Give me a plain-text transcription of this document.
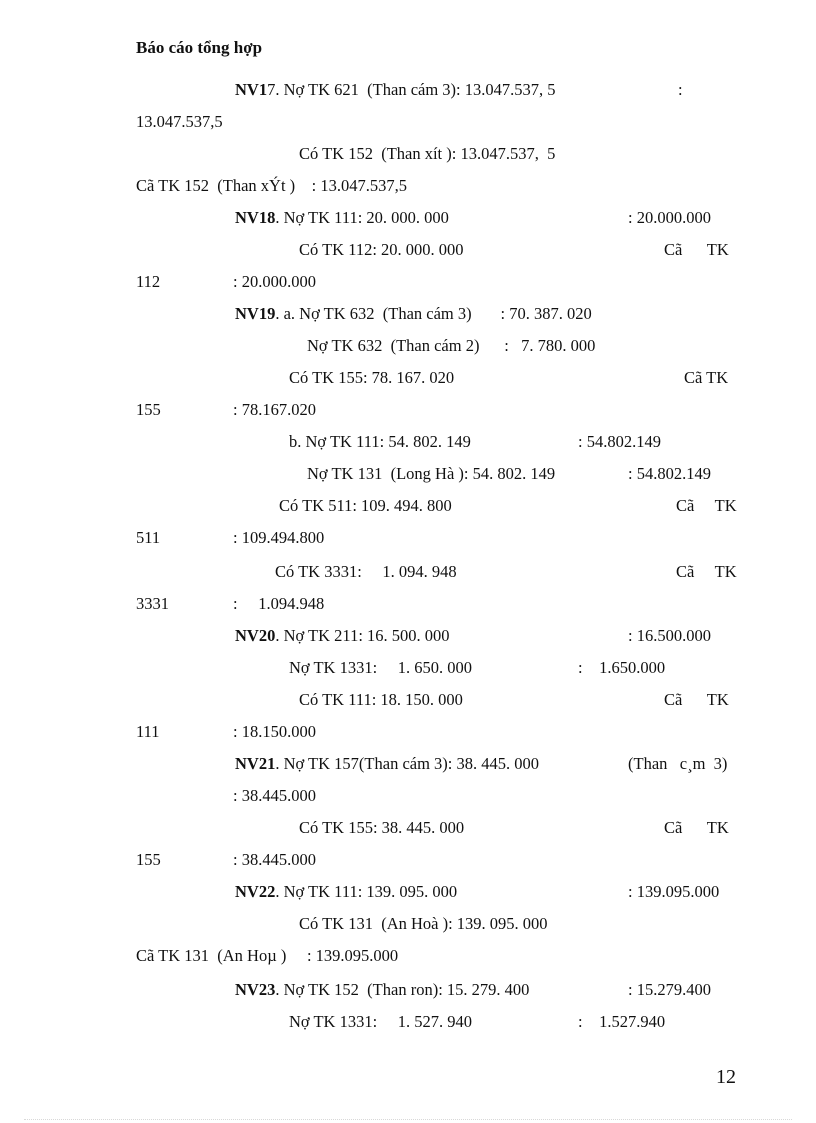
Báo cáo tổng hợp
NV17. Nợ TK 621  (Than cám 3): 13.047.537, 5	:
13.047.537,5
Có TK 152  (Than xít ): 13.047.537,  5
Cã TK 152  (Than xÝt )    : 13.047.537,5
NV18. Nợ TK 111: 20. 000. 000	: 20.000.000
Có TK 112: 20. 000. 000	Cã      TK
112	: 20.000.000
NV19. a. Nợ TK 632  (Than cám 3)       : 70. 387. 020
Nợ TK 632  (Than cám 2)      :   7. 780. 000
Có TK 155: 78. 167. 020	Cã TK
155	: 78.167.020
b. Nợ TK 111: 54. 802. 149	: 54.802.149
Nợ TK 131  (Long Hà ): 54. 802. 149	: 54.802.149
Có TK 511: 109. 494. 800	Cã     TK
511	: 109.494.800
Có TK 3331:     1. 094. 948	Cã     TK
3331	:     1.094.948
NV20. Nợ TK 211: 16. 500. 000	: 16.500.000
Nợ TK 1331:     1. 650. 000	:    1.650.000
Có TK 111: 18. 150. 000	Cã      TK
111	: 18.150.000
NV21. Nợ TK 157(Than cám 3): 38. 445. 000	(Than   c¸m  3)
: 38.445.000
Có TK 155: 38. 445. 000	Cã      TK
155	: 38.445.000
NV22. Nợ TK 111: 139. 095. 000	: 139.095.000
Có TK 131  (An Hoà ): 139. 095. 000
Cã TK 131  (An Hoµ )     : 139.095.000
NV23. Nợ TK 152  (Than ron): 15. 279. 400	: 15.279.400
Nợ TK 1331:     1. 527. 940	:    1.527.940
12
